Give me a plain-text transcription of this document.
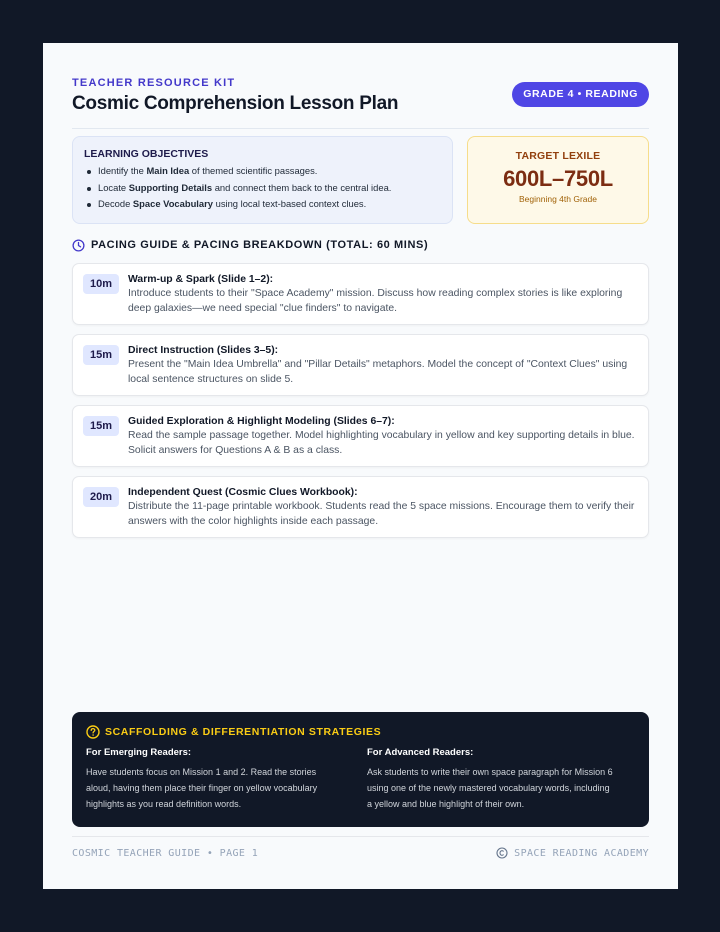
TEACHER RESOURCE KIT
Cosmic Comprehension Lesson Plan	GRADE 4 • READING
LEARNING OBJECTIVES
Identify the Main Idea of themed scientific passages.
Locate Supporting Details and connect them back to the central idea.
Decode Space Vocabulary using local text-based context clues.
TARGET LEXILE
600L–750L
Beginning 4th Grade
PACING GUIDE & PACING BREAKDOWN (TOTAL: 60 MINS)
10m	Warm-up & Spark (Slide 1–2):
Introduce students to their "Space Academy" mission. Discuss how reading complex stories is like exploring deep galaxies—we need special "clue finders" to navigate.
15m	Direct Instruction (Slides 3–5):
Present the "Main Idea Umbrella" and "Pillar Details" metaphors. Model the concept of "Context Clues" using local sentence structures on slide 5.
15m	Guided Exploration & Highlight Modeling (Slides 6–7):
Read the sample passage together. Model highlighting vocabulary in yellow and key supporting details in blue. Solicit answers for Questions A & B as a class.
20m	Independent Quest (Cosmic Clues Workbook):
Distribute the 11-page printable workbook. Students read the 5 space missions. Encourage them to verify their answers with the color highlights inside each passage.
SCAFFOLDING & DIFFERENTIATION STRATEGIES
For Emerging Readers:
Have students focus on Mission 1 and 2. Read the stories aloud, having them place their finger on yellow vocabulary highlights as you read definition words.
For Advanced Readers:
Ask students to write their own space paragraph for Mission 6 using one of the newly mastered vocabulary words, including a yellow and blue highlight of their own.
COSMIC TEACHER GUIDE • PAGE 1	SPACE READING ACADEMY
